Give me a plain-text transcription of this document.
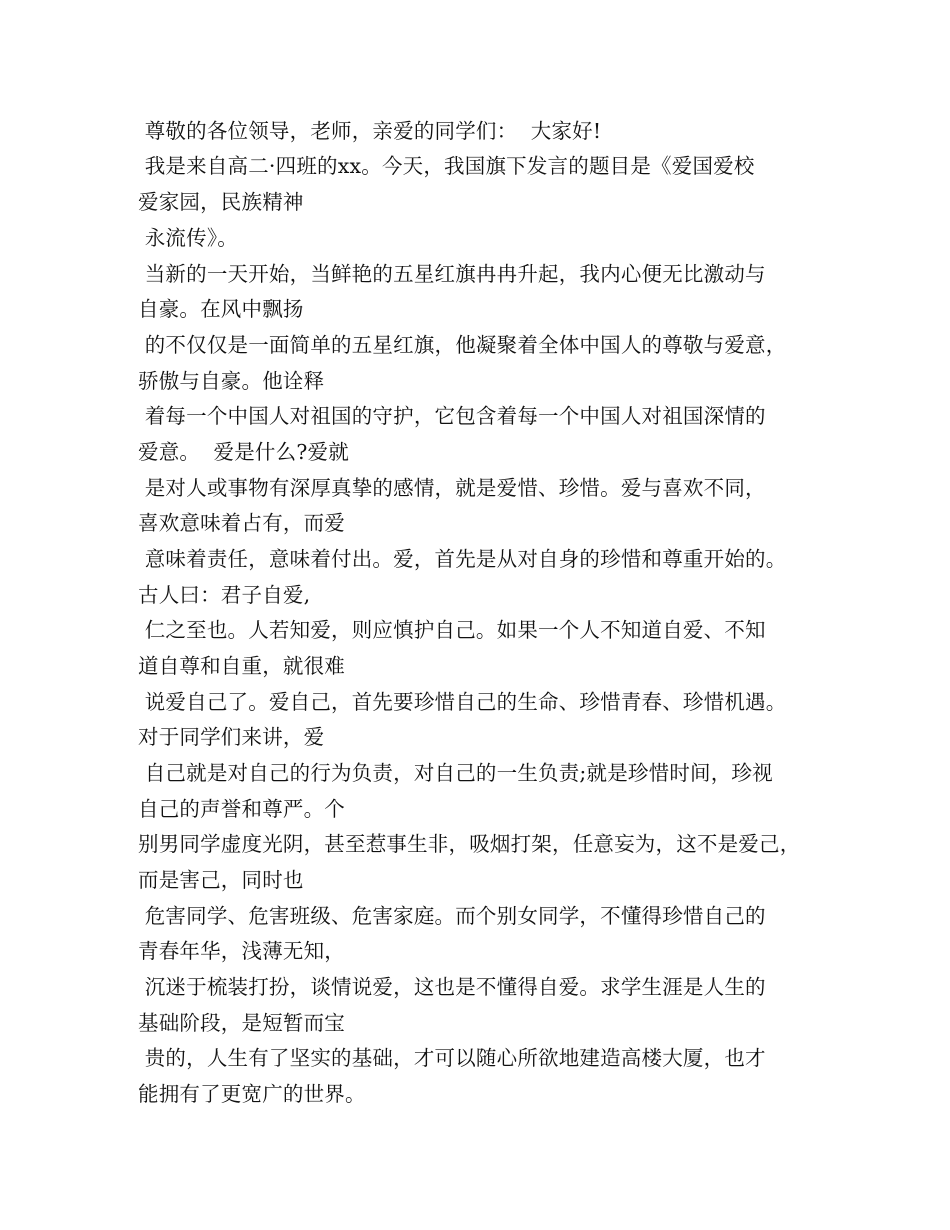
尊敬的各位领导，老师，亲爱的同学们：  大家好!
我是来自高二·四班的xx。今天，我国旗下发言的题目是《爱国爱校
爱家园，民族精神
永流传》。
当新的一天开始，当鲜艳的五星红旗冉冉升起，我内心便无比激动与
自豪。在风中飘扬
的不仅仅是一面简单的五星红旗，他凝聚着全体中国人的尊敬与爱意，
骄傲与自豪。他诠释
着每一个中国人对祖国的守护，它包含着每一个中国人对祖国深情的
爱意。  爱是什么?爱就
是对人或事物有深厚真挚的感情，就是爱惜、珍惜。爱与喜欢不同，
喜欢意味着占有，而爱
意味着责任，意味着付出。爱，首先是从对自身的珍惜和尊重开始的。
古人曰：君子自爱,
仁之至也。人若知爱，则应慎护自己。如果一个人不知道自爱、不知
道自尊和自重，就很难
说爱自己了。爱自己，首先要珍惜自己的生命、珍惜青春、珍惜机遇。
对于同学们来讲，爱
自己就是对自己的行为负责，对自己的一生负责;就是珍惜时间，珍视
自己的声誉和尊严。个
别男同学虚度光阴，甚至惹事生非，吸烟打架，任意妄为，这不是爱己，
而是害己，同时也
危害同学、危害班级、危害家庭。而个别女同学，不懂得珍惜自己的
青春年华，浅薄无知，
沉迷于梳装打扮，谈情说爱，这也是不懂得自爱。求学生涯是人生的
基础阶段，是短暂而宝
贵的，人生有了坚实的基础，才可以随心所欲地建造高楼大厦，也才
能拥有了更宽广的世界。
